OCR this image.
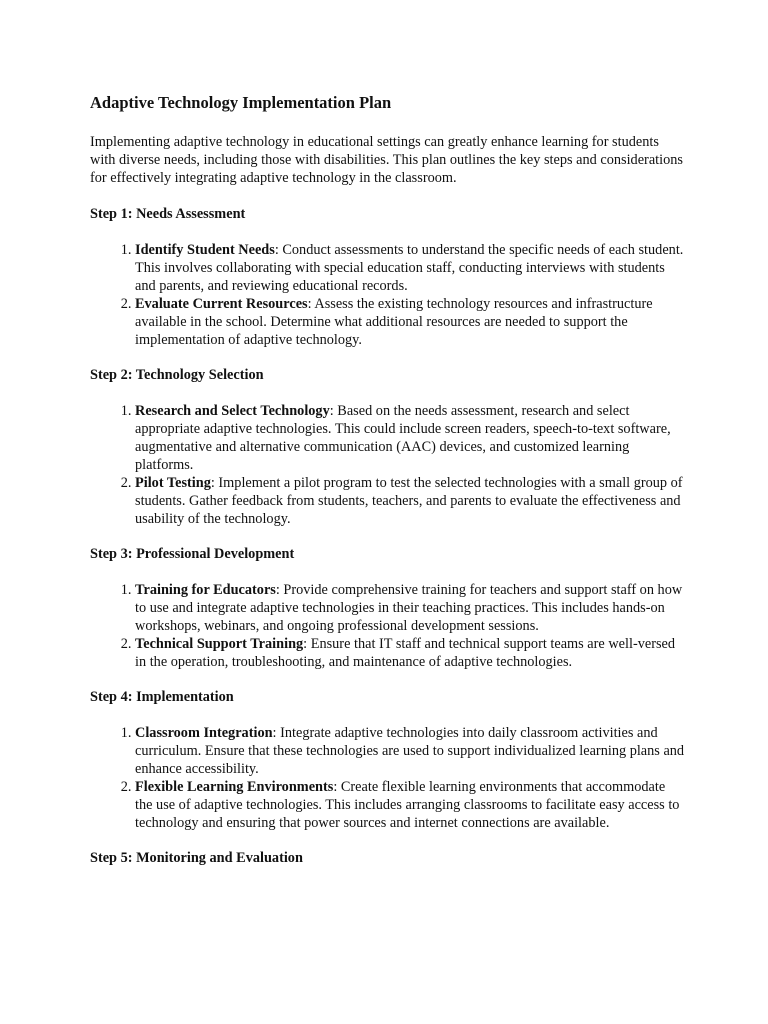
Adaptive Technology Implementation Plan

Implementing adaptive technology in educational settings can greatly enhance learning for students with diverse needs, including those with disabilities. This plan outlines the key steps and considerations for effectively integrating adaptive technology in the classroom.

Step 1: Needs Assessment
1. Identify Student Needs: Conduct assessments to understand the specific needs of each student. This involves collaborating with special education staff, conducting interviews with students and parents, and reviewing educational records.
2. Evaluate Current Resources: Assess the existing technology resources and infrastructure available in the school. Determine what additional resources are needed to support the implementation of adaptive technology.
Step 2: Technology Selection
1. Research and Select Technology: Based on the needs assessment, research and select appropriate adaptive technologies. This could include screen readers, speech-to-text software, augmentative and alternative communication (AAC) devices, and customized learning platforms.
2. Pilot Testing: Implement a pilot program to test the selected technologies with a small group of students. Gather feedback from students, teachers, and parents to evaluate the effectiveness and usability of the technology.
Step 3: Professional Development
1. Training for Educators: Provide comprehensive training for teachers and support staff on how to use and integrate adaptive technologies in their teaching practices. This includes hands-on workshops, webinars, and ongoing professional development sessions.
2. Technical Support Training: Ensure that IT staff and technical support teams are well-versed in the operation, troubleshooting, and maintenance of adaptive technologies.
Step 4: Implementation
1. Classroom Integration: Integrate adaptive technologies into daily classroom activities and curriculum. Ensure that these technologies are used to support individualized learning plans and enhance accessibility.
2. Flexible Learning Environments: Create flexible learning environments that accommodate the use of adaptive technologies. This includes arranging classrooms to facilitate easy access to technology and ensuring that power sources and internet connections are available.
Step 5: Monitoring and Evaluation
